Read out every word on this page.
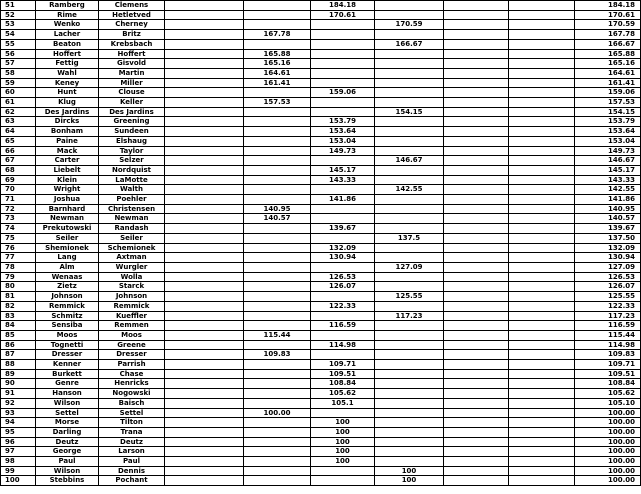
51	Ramberg	Clemens			184.18				184.18
52	Rime	Hetletved			170.61				170.61
53	Wenko	Cherney				170.59			170.59
54	Lacher	Britz		167.78					167.78
55	Beaton	Krebsbach				166.67			166.67
56	Hoffert	Hoffert		165.88					165.88
57	Fettig	Gisvold		165.16					165.16
58	Wahl	Martin		164.61					164.61
59	Keney	Miller		161.41					161.41
60	Hunt	Clouse			159.06				159.06
61	Klug	Keller		157.53					157.53
62	Des Jardins	Des Jardins				154.15			154.15
63	Dircks	Greening			153.79				153.79
64	Bonham	Sundeen			153.64				153.64
65	Paine	Elshaug			153.04				153.04
66	Mack	Taylor			149.73				149.73
67	Carter	Selzer				146.67			146.67
68	Liebelt	Nordquist			145.17				145.17
69	Klein	LaMotte			143.33				143.33
70	Wright	Walth				142.55			142.55
71	Joshua	Poehler			141.86				141.86
72	Barnhard	Christensen		140.95					140.95
73	Newman	Newman		140.57					140.57
74	Prekutowski	Randash			139.67				139.67
75	Seiler	Seiler				137.5			137.50
76	Shemionek	Schemionek			132.09				132.09
77	Lang	Axtman			130.94				130.94
78	Alm	Wurgler				127.09			127.09
79	Wenaas	Wolla			126.53				126.53
80	Zietz	Starck			126.07				126.07
81	Johnson	Johnson				125.55			125.55
82	Remmick	Remmick			122.33				122.33
83	Schmitz	Kueffler				117.23			117.23
84	Sensiba	Remmen			116.59				116.59
85	Moos	Moos		115.44					115.44
86	Tognetti	Greene			114.98				114.98
87	Dresser	Dresser		109.83					109.83
88	Kenner	Parrish			109.71				109.71
89	Burkett	Chase			109.51				109.51
90	Genre	Henricks			108.84				108.84
91	Hanson	Nogowski			105.62				105.62
92	Wilson	Baisch			105.1				105.10
93	Settel	Settel		100.00					100.00
94	Morse	Tilton			100				100.00
95	Darling	Trana			100				100.00
96	Deutz	Deutz			100				100.00
97	George	Larson			100				100.00
98	Paul	Paul			100				100.00
99	Wilson	Dennis				100			100.00
100	Stebbins	Pochant				100			100.00
